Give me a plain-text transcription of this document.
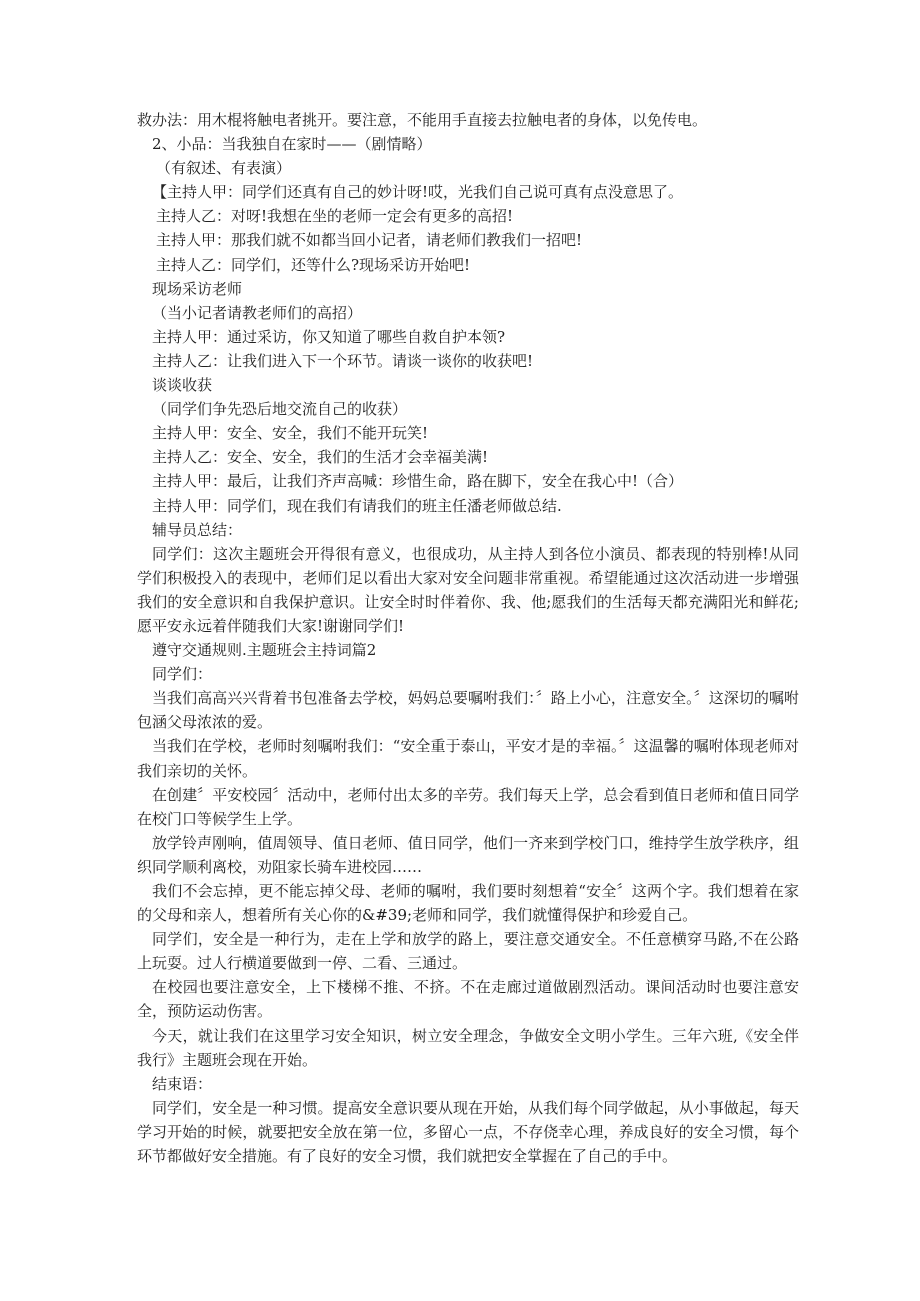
救办法：用木棍将触电者挑开。要注意，不能用手直接去拉触电者的身体，以免传电。

2、小品：当我独自在家时——（剧情略）

（有叙述、有表演）

【主持人甲：同学们还真有自己的妙计呀!哎，光我们自己说可真有点没意思了。

主持人乙：对呀!我想在坐的老师一定会有更多的高招!

主持人甲：那我们就不如都当回小记者，请老师们教我们一招吧!

主持人乙：同学们，还等什么?现场采访开始吧!

现场采访老师

（当小记者请教老师们的高招）

主持人甲：通过采访，你又知道了哪些自救自护本领?

主持人乙：让我们进入下一个环节。请谈一谈你的收获吧!

谈谈收获

（同学们争先恐后地交流自己的收获）

主持人甲：安全、安全，我们不能开玩笑!

主持人乙：安全、安全，我们的生活才会幸福美满!

主持人甲：最后，让我们齐声高喊：珍惜生命，路在脚下，安全在我心中!（合）

主持人甲：同学们，现在我们有请我们的班主任潘老师做总结.

辅导员总结：

同学们：这次主题班会开得很有意义，也很成功，从主持人到各位小演员、都表现的特别棒!从同学们积极投入的表现中，老师们足以看出大家对安全问题非常重视。希望能通过这次活动进一步增强我们的安全意识和自我保护意识。让安全时时伴着你、我、他;愿我们的生活每天都充满阳光和鲜花;愿平安永远着伴随我们大家!谢谢同学们!

遵守交通规则.主题班会主持词篇2

同学们：

当我们高高兴兴背着书包准备去学校，妈妈总要嘱咐我们：〞路上小心，注意安全。〞这深切的嘱咐包涵父母浓浓的爱。

当我们在学校，老师时刻嘱咐我们：“安全重于泰山，平安才是的幸福。〞这温馨的嘱咐体现老师对我们亲切的关怀。

在创建〞平安校园〞活动中，老师付出太多的辛劳。我们每天上学，总会看到值日老师和值日同学在校门口等候学生上学。

放学铃声刚响，值周领导、值日老师、值日同学，他们一齐来到学校门口，维持学生放学秩序，组织同学顺利离校，劝阻家长骑车进校园……

我们不会忘掉，更不能忘掉父母、老师的嘱咐，我们要时刻想着“安全〞这两个字。我们想着在家的父母和亲人，想着所有关心你的&#39;老师和同学，我们就懂得保护和珍爱自己。

同学们，安全是一种行为，走在上学和放学的路上，要注意交通安全。不任意横穿马路,不在公路上玩耍。过人行横道要做到一停、二看、三通过。

在校园也要注意安全，上下楼梯不推、不挤。不在走廊过道做剧烈活动。课间活动时也要注意安全，预防运动伤害。

今天，就让我们在这里学习安全知识，树立安全理念，争做安全文明小学生。三年六班,《安全伴我行》主题班会现在开始。

结束语：

同学们，安全是一种习惯。提高安全意识要从现在开始，从我们每个同学做起，从小事做起，每天学习开始的时候，就要把安全放在第一位，多留心一点，不存侥幸心理，养成良好的安全习惯，每个环节都做好安全措施。有了良好的安全习惯，我们就把安全掌握在了自己的手中。
